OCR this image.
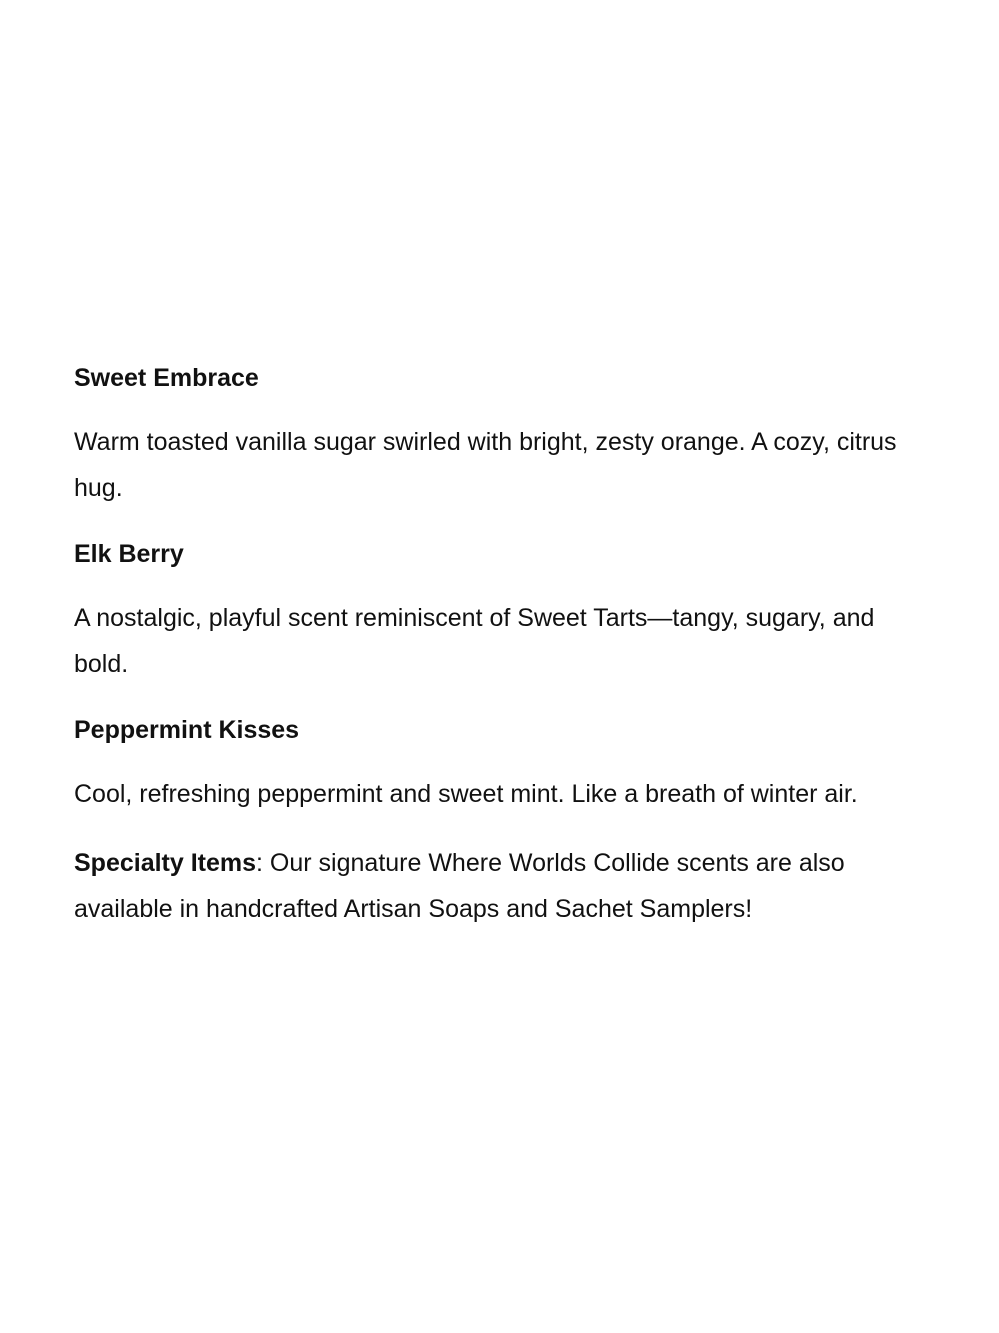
Sweet Embrace

Warm toasted vanilla sugar swirled with bright, zesty orange. A cozy, citrus hug.

Elk Berry

A nostalgic, playful scent reminiscent of Sweet Tarts—tangy, sugary, and bold.

Peppermint Kisses

Cool, refreshing peppermint and sweet mint. Like a breath of winter air.

Specialty Items: Our signature Where Worlds Collide scents are also available in handcrafted Artisan Soaps and Sachet Samplers!
